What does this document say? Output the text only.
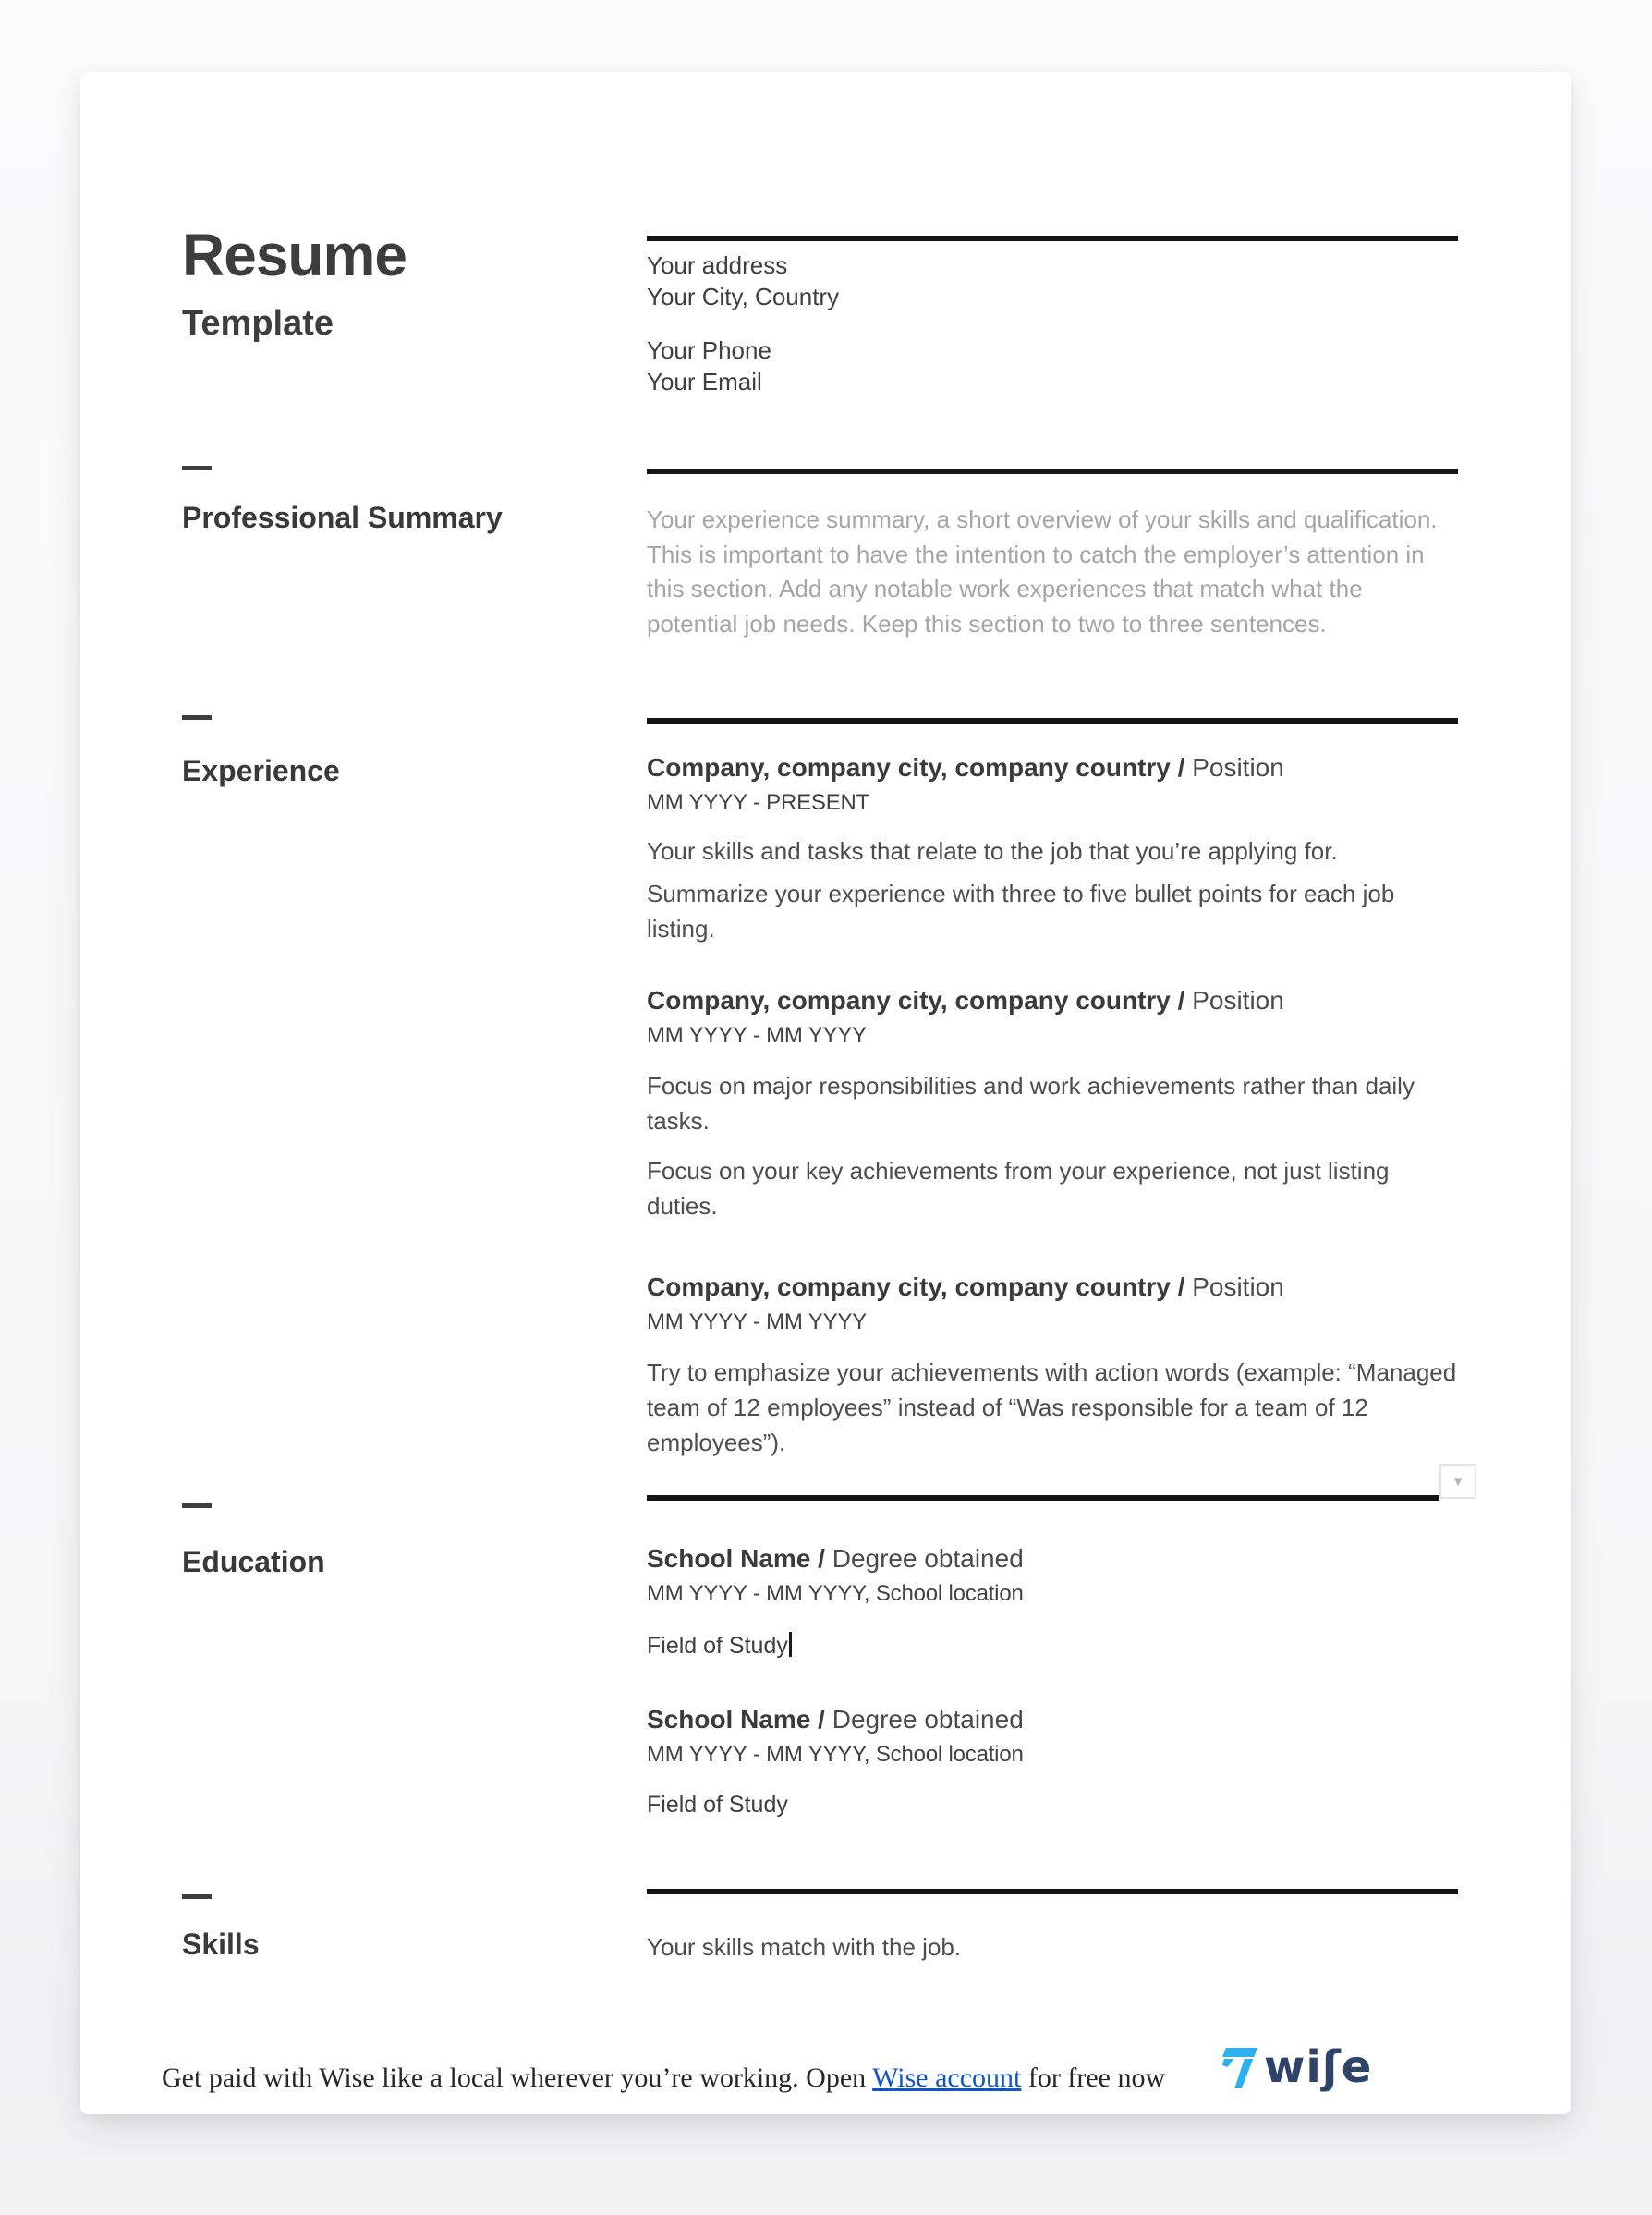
Resume
Template

Your address

Your City, Country

Your Phone

Your Email

Professional Summary	Your experience summary, a short overview of your skills and qualification. This is important to have the intention to catch the employer’s attention in this section. Add any notable work experiences that match what the potential job needs. Keep this section to two to three sentences.

Experience	Company, company city, company country / Position

MM YYYY - PRESENT

Your skills and tasks that relate to the job that you’re applying for.

Summarize your experience with three to five bullet points for each job listing.

Company, company city, company country / Position

MM YYYY - MM YYYY

Focus on major responsibilities and work achievements rather than daily tasks.

Focus on your key achievements from your experience, not just listing duties.

Company, company city, company country / Position

MM YYYY - MM YYYY

Try to emphasize your achievements with action words (example: “Managed team of 12 employees” instead of “Was responsible for a team of 12 employees”).

▼
Education	School Name / Degree obtained

MM YYYY - MM YYYY, School location

Field of Study

School Name / Degree obtained

MM YYYY - MM YYYY, School location

Field of Study

Skills	Your skills match with the job.

Get paid with Wise like a local wherever you’re working. Open Wise account for free now wiʃe
